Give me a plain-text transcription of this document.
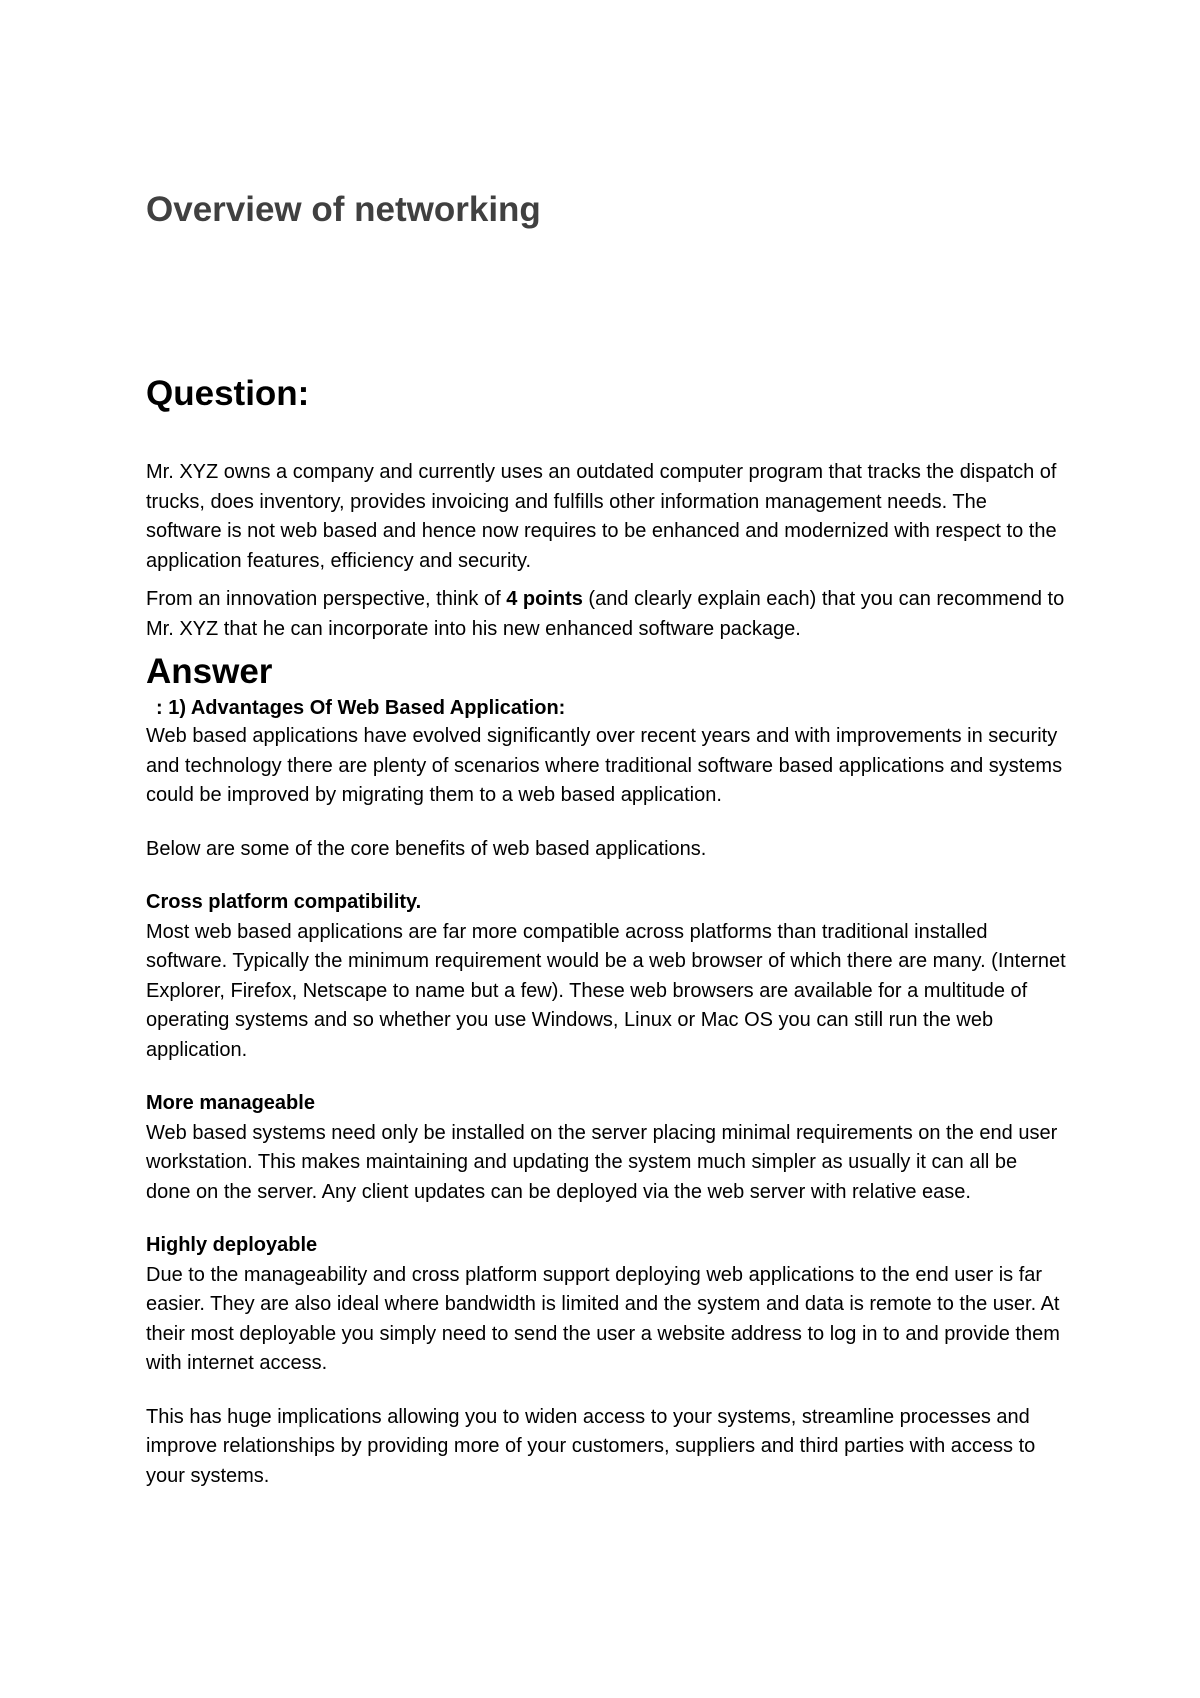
Overview of networking
Question:

Mr. XYZ owns a company and currently uses an outdated computer program that tracks the dispatch of trucks, does inventory, provides invoicing and fulfills other information management needs. The software is not web based and hence now requires to be enhanced and modernized with respect to the application features, efficiency and security.

From an innovation perspective, think of 4 points (and clearly explain each) that you can recommend to Mr. XYZ that he can incorporate into his new enhanced software package.

Answer
: 1) Advantages Of Web Based Application:

Web based applications have evolved significantly over recent years and with improvements in security and technology there are plenty of scenarios where traditional software based applications and systems could be improved by migrating them to a web based application.

Below are some of the core benefits of web based applications.

Cross platform compatibility.
Most web based applications are far more compatible across platforms than traditional installed software. Typically the minimum requirement would be a web browser of which there are many. (Internet Explorer, Firefox, Netscape to name but a few). These web browsers are available for a multitude of operating systems and so whether you use Windows, Linux or Mac OS you can still run the web application.

More manageable
Web based systems need only be installed on the server placing minimal requirements on the end user workstation. This makes maintaining and updating the system much simpler as usually it can all be done on the server. Any client updates can be deployed via the web server with relative ease.

Highly deployable
Due to the manageability and cross platform support deploying web applications to the end user is far easier. They are also ideal where bandwidth is limited and the system and data is remote to the user. At their most deployable you simply need to send the user a website address to log in to and provide them with internet access.

This has huge implications allowing you to widen access to your systems, streamline processes and improve relationships by providing more of your customers, suppliers and third parties with access to your systems.
